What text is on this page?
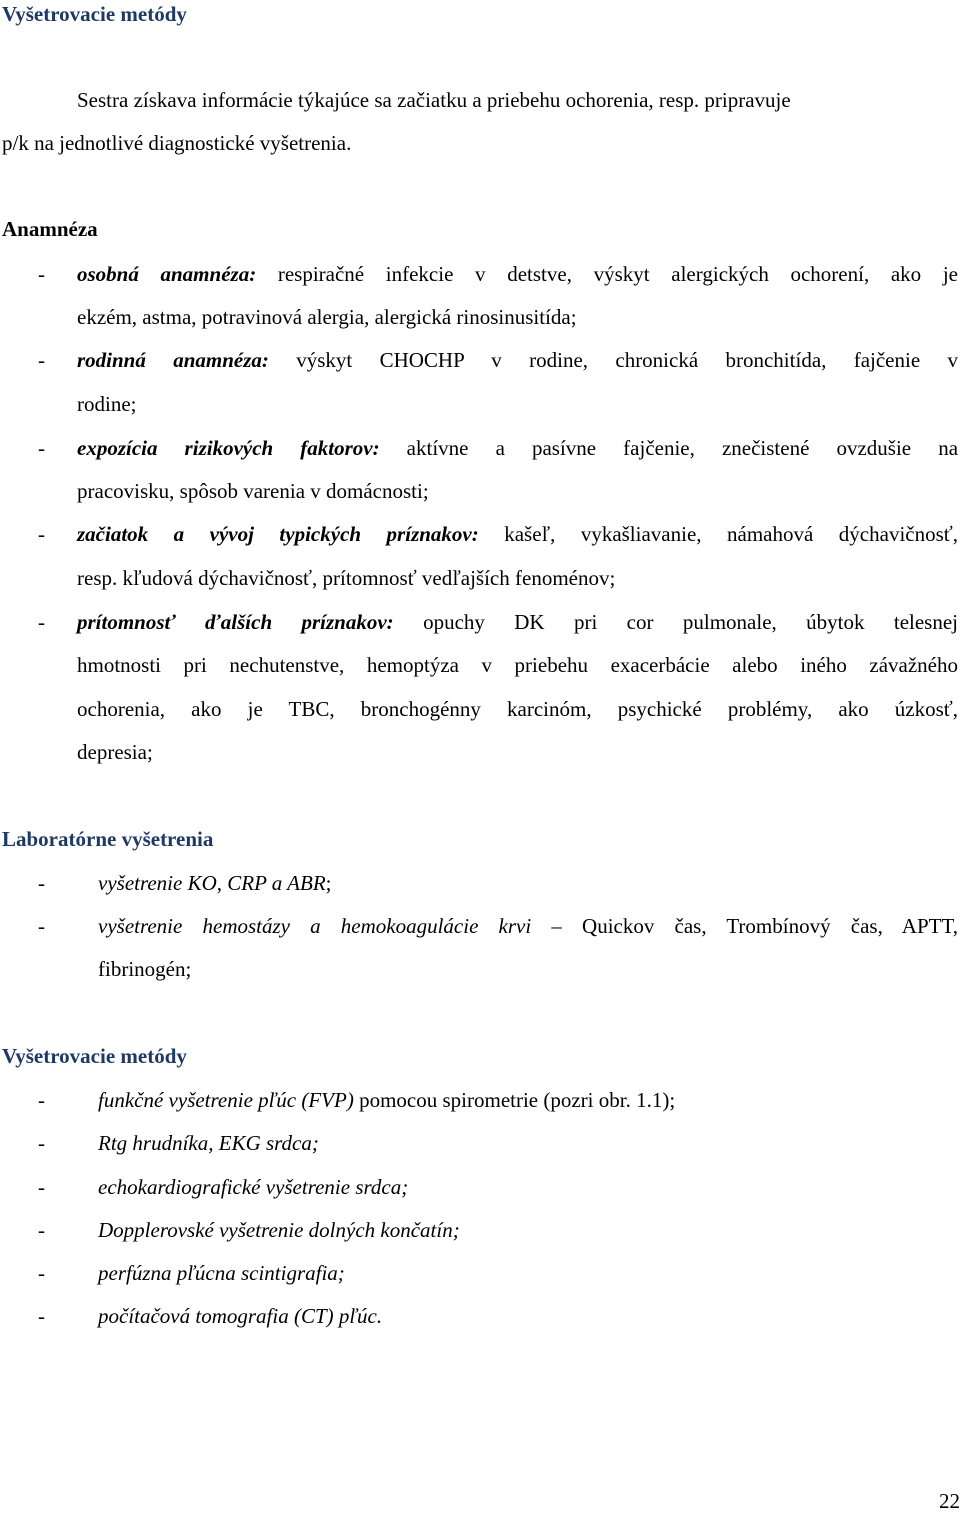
Vyšetrovacie metódy
Sestra získava informácie týkajúce sa začiatku a priebehu ochorenia, resp. pripravuje
p/k na jednotlivé diagnostické vyšetrenia.
Anamnéza
- osobná anamnéza: respiračné infekcie v detstve, výskyt alergických ochorení, ako je
ekzém, astma, potravinová alergia, alergická rinosinusitída;
- rodinná anamnéza: výskyt CHOCHP v rodine, chronická bronchitída, fajčenie v
rodine;
- expozícia rizikových faktorov: aktívne a pasívne fajčenie, znečistené ovzdušie na
pracovisku, spôsob varenia v domácnosti;
- začiatok a vývoj typických príznakov: kašeľ, vykašliavanie, námahová dýchavičnosť,
resp. kľudová dýchavičnosť, prítomnosť vedľajších fenoménov;
- prítomnosť ďalších príznakov: opuchy DK pri cor pulmonale, úbytok telesnej
hmotnosti pri nechutenstve, hemoptýza v priebehu exacerbácie alebo iného závažného
ochorenia, ako je TBC, bronchogénny karcinóm, psychické problémy, ako úzkosť,
depresia;
Laboratórne vyšetrenia
-	vyšetrenie KO, CRP a ABR;
-	vyšetrenie hemostázy a hemokoagulácie krvi – Quickov čas, Trombínový čas, APTT,
fibrinogén;
Vyšetrovacie metódy
-	funkčné vyšetrenie pľúc (FVP) pomocou spirometrie (pozri obr. 1.1);
-	Rtg hrudníka, EKG srdca;
-	echokardiografické vyšetrenie srdca;
-	Dopplerovské vyšetrenie dolných končatín;
-	perfúzna pľúcna scintigrafia;
-	počítačová tomografia (CT) pľúc.
22
